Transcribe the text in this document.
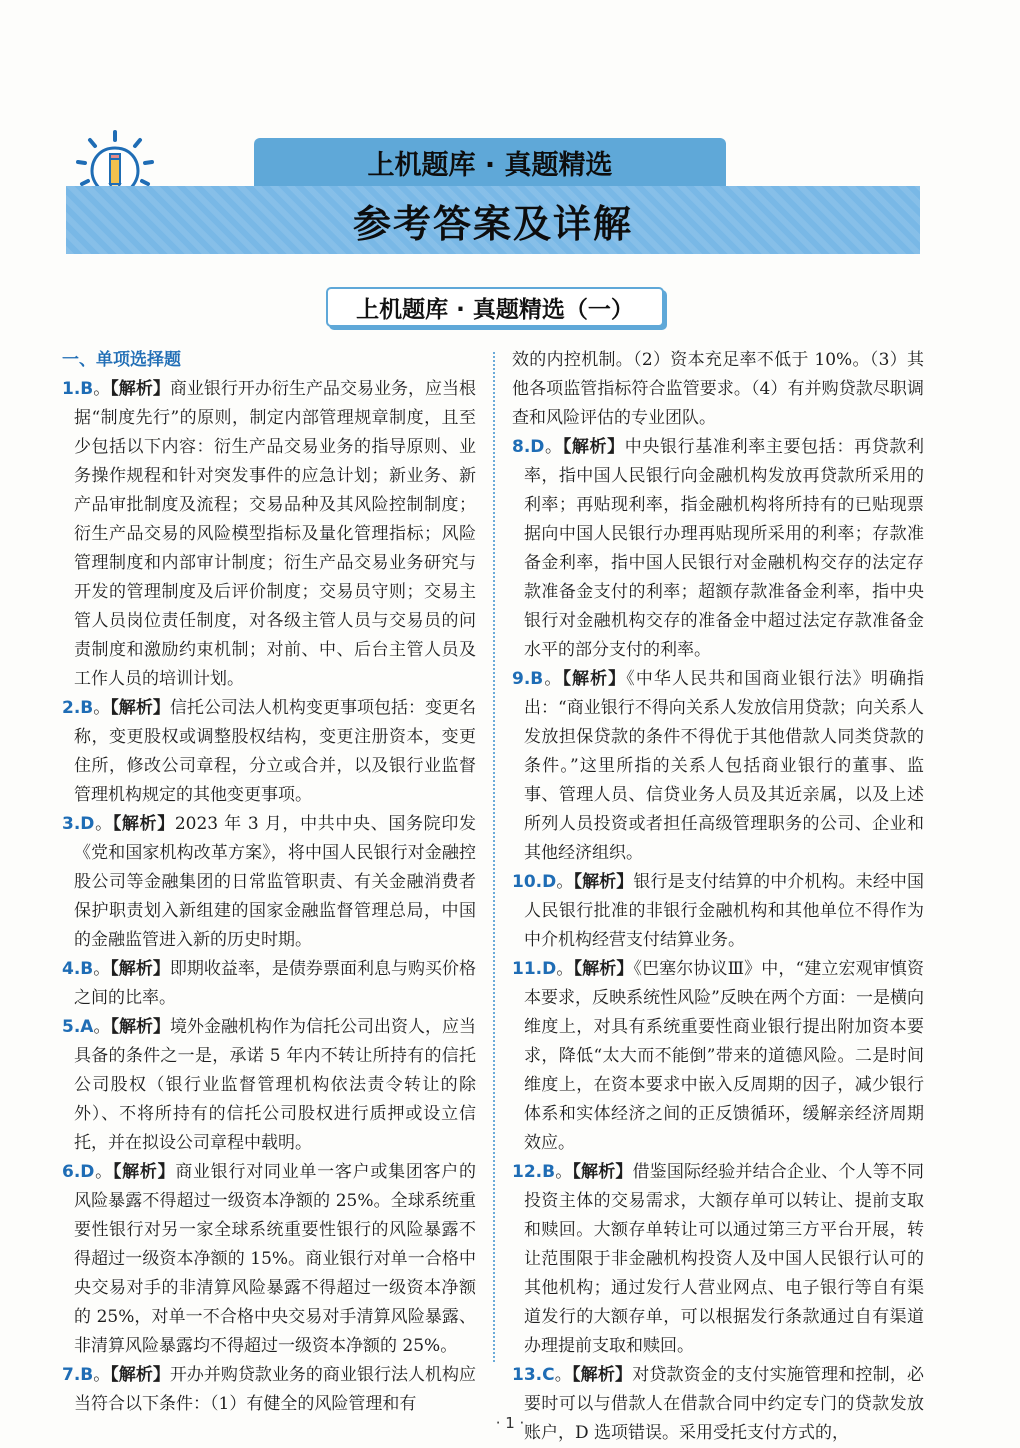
上机题库 · 真题精选
参考答案及详解
上机题库 · 真题精选（一）
一、单项选择题
1.B。【解析】商业银行开办衍生产品交易业务，应当根据“制度先行”的原则，制定内部管理规章制度，且至少包括以下内容：衍生产品交易业务的指导原则、业务操作规程和针对突发事件的应急计划；新业务、新产品审批制度及流程；交易品种及其风险控制制度；衍生产品交易的风险模型指标及量化管理指标；风险管理制度和内部审计制度；衍生产品交易业务研究与开发的管理制度及后评价制度；交易员守则；交易主管人员岗位责任制度，对各级主管人员与交易员的问责制度和激励约束机制；对前、中、后台主管人员及工作人员的培训计划。
2.B。【解析】信托公司法人机构变更事项包括：变更名称，变更股权或调整股权结构，变更注册资本，变更住所，修改公司章程，分立或合并，以及银行业监督管理机构规定的其他变更事项。
3.D。【解析】2023 年 3 月，中共中央、国务院印发《党和国家机构改革方案》，将中国人民银行对金融控股公司等金融集团的日常监管职责、有关金融消费者保护职责划入新组建的国家金融监督管理总局，中国的金融监管进入新的历史时期。
4.B。【解析】即期收益率，是债券票面利息与购买价格之间的比率。
5.A。【解析】境外金融机构作为信托公司出资人，应当具备的条件之一是，承诺 5 年内不转让所持有的信托公司股权（银行业监督管理机构依法责令转让的除外）、不将所持有的信托公司股权进行质押或设立信托，并在拟设公司章程中载明。
6.D。【解析】商业银行对同业单一客户或集团客户的风险暴露不得超过一级资本净额的 25%。全球系统重要性银行对另一家全球系统重要性银行的风险暴露不得超过一级资本净额的 15%。商业银行对单一合格中央交易对手的非清算风险暴露不得超过一级资本净额的 25%，对单一不合格中央交易对手清算风险暴露、非清算风险暴露均不得超过一级资本净额的 25%。
7.B。【解析】开办并购贷款业务的商业银行法人机构应当符合以下条件：（1）有健全的风险管理和有
效的内控机制。（2）资本充足率不低于 10%。（3）其他各项监管指标符合监管要求。（4）有并购贷款尽职调查和风险评估的专业团队。
8.D。【解析】中央银行基准利率主要包括：再贷款利率，指中国人民银行向金融机构发放再贷款所采用的利率；再贴现利率，指金融机构将所持有的已贴现票据向中国人民银行办理再贴现所采用的利率；存款准备金利率，指中国人民银行对金融机构交存的法定存款准备金支付的利率；超额存款准备金利率，指中央银行对金融机构交存的准备金中超过法定存款准备金水平的部分支付的利率。
9.B。【解析】《中华人民共和国商业银行法》明确指出：“商业银行不得向关系人发放信用贷款；向关系人发放担保贷款的条件不得优于其他借款人同类贷款的条件。”这里所指的关系人包括商业银行的董事、监事、管理人员、信贷业务人员及其近亲属，以及上述所列人员投资或者担任高级管理职务的公司、企业和其他经济组织。
10.D。【解析】银行是支付结算的中介机构。未经中国人民银行批准的非银行金融机构和其他单位不得作为中介机构经营支付结算业务。
11.D。【解析】《巴塞尔协议Ⅲ》中，“建立宏观审慎资本要求，反映系统性风险”反映在两个方面：一是横向维度上，对具有系统重要性商业银行提出附加资本要求，降低“太大而不能倒”带来的道德风险。二是时间维度上，在资本要求中嵌入反周期的因子，减少银行体系和实体经济之间的正反馈循环，缓解亲经济周期效应。
12.B。【解析】借鉴国际经验并结合企业、个人等不同投资主体的交易需求，大额存单可以转让、提前支取和赎回。大额存单转让可以通过第三方平台开展，转让范围限于非金融机构投资人及中国人民银行认可的其他机构；通过发行人营业网点、电子银行等自有渠道发行的大额存单，可以根据发行条款通过自有渠道办理提前支取和赎回。
13.C。【解析】对贷款资金的支付实施管理和控制，必要时可以与借款人在借款合同中约定专门的贷款发放账户，D 选项错误。采用受托支付方式的，
· 1 ·
